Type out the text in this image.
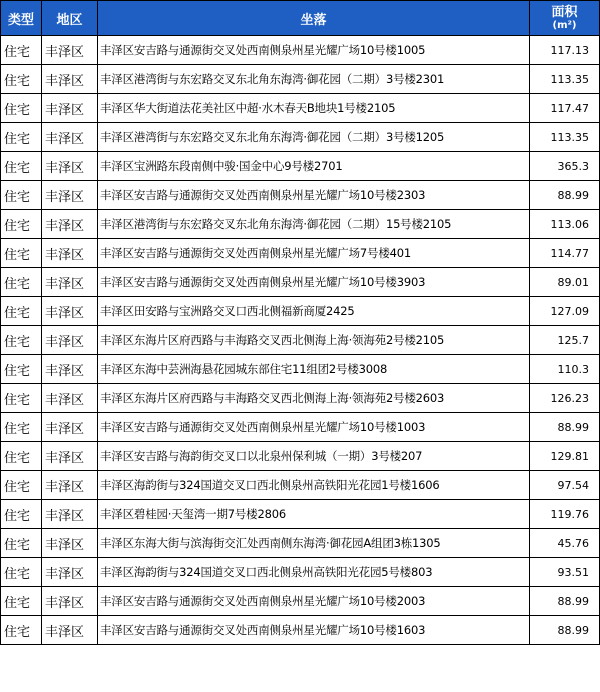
类型	地区	坐落	面积
(m²)

住宅	丰泽区	丰泽区安吉路与通源街交叉处西南侧泉州星光耀广场10号楼1005	117.13
住宅	丰泽区	丰泽区港湾街与东宏路交叉东北角东海湾·御花园（二期）3号楼2301	113.35
住宅	丰泽区	丰泽区华大街道法花美社区中超·水木春天B地块1号楼2105	117.47
住宅	丰泽区	丰泽区港湾街与东宏路交叉东北角东海湾·御花园（二期）3号楼1205	113.35
住宅	丰泽区	丰泽区宝洲路东段南侧中骏·国金中心9号楼2701	365.3
住宅	丰泽区	丰泽区安吉路与通源街交叉处西南侧泉州星光耀广场10号楼2303	88.99
住宅	丰泽区	丰泽区港湾街与东宏路交叉东北角东海湾·御花园（二期）15号楼2105	113.06
住宅	丰泽区	丰泽区安吉路与通源街交叉处西南侧泉州星光耀广场7号楼401	114.77
住宅	丰泽区	丰泽区安吉路与通源街交叉处西南侧泉州星光耀广场10号楼3903	89.01
住宅	丰泽区	丰泽区田安路与宝洲路交叉口西北侧福新商厦2425	127.09
住宅	丰泽区	丰泽区东海片区府西路与丰海路交叉西北侧海上海·领海苑2号楼2105	125.7
住宅	丰泽区	丰泽区东海中芸洲海悬花园城东部住宅11组团2号楼3008	110.3
住宅	丰泽区	丰泽区东海片区府西路与丰海路交叉西北侧海上海·领海苑2号楼2603	126.23
住宅	丰泽区	丰泽区安吉路与通源街交叉处西南侧泉州星光耀广场10号楼1003	88.99
住宅	丰泽区	丰泽区安吉路与海韵街交叉口以北泉州保利城（一期）3号楼207	129.81
住宅	丰泽区	丰泽区海韵街与324国道交叉口西北侧泉州高铁阳光花园1号楼1606	97.54
住宅	丰泽区	丰泽区碧桂园·天玺湾一期7号楼2806	119.76
住宅	丰泽区	丰泽区东海大街与滨海街交汇处西南侧东海湾·御花园A组团3栋1305	45.76
住宅	丰泽区	丰泽区海韵街与324国道交叉口西北侧泉州高铁阳光花园5号楼803	93.51
住宅	丰泽区	丰泽区安吉路与通源街交叉处西南侧泉州星光耀广场10号楼2003	88.99
住宅	丰泽区	丰泽区安吉路与通源街交叉处西南侧泉州星光耀广场10号楼1603	88.99
